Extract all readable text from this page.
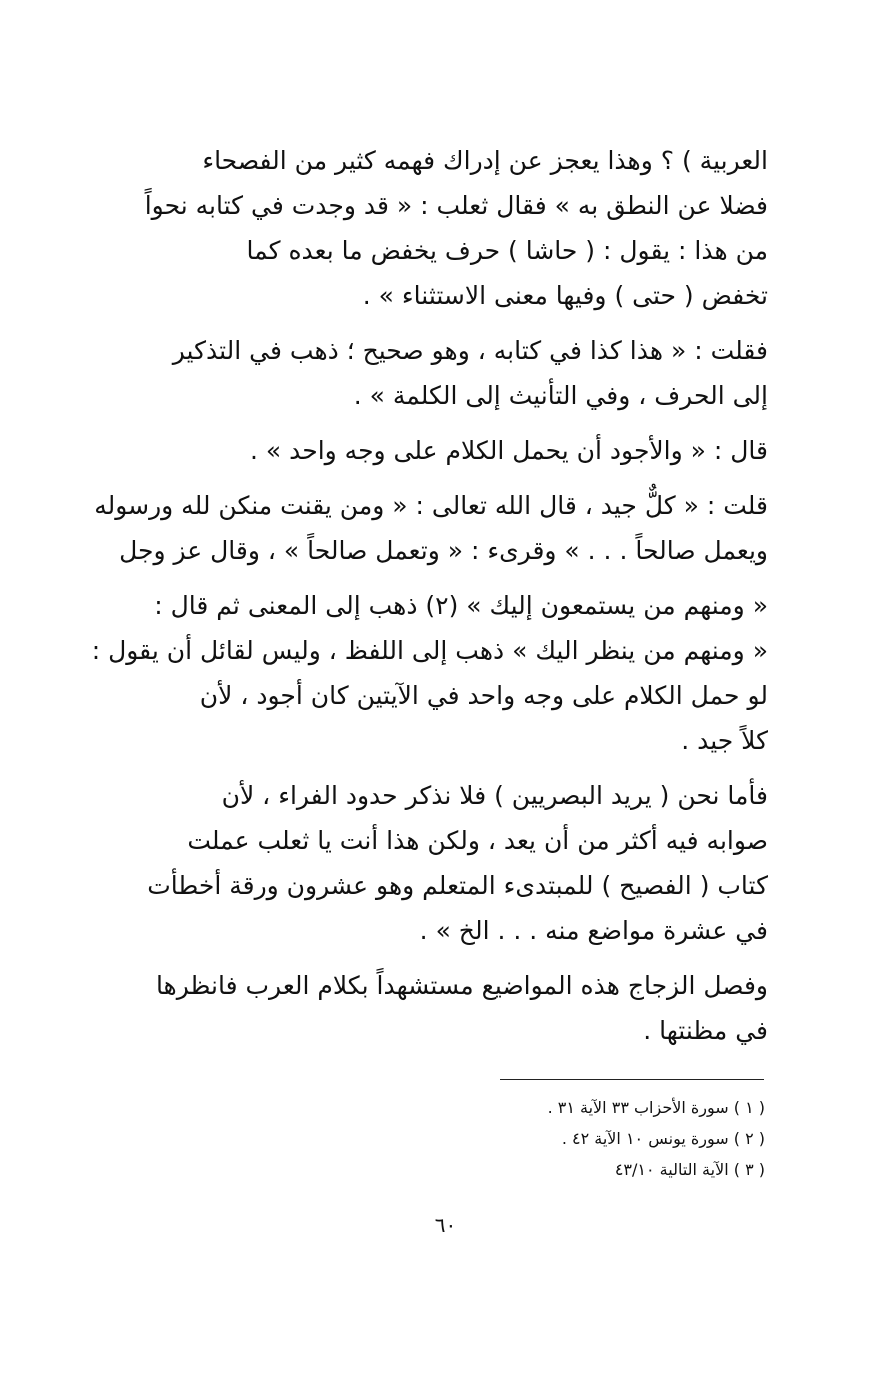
العربية ) ؟ وهذا يعجز عن إدراك فهمه كثير من الفصحاء
فضلا عن النطق به » فقال ثعلب : « قد وجدت في كتابه نحواً
من هذا : يقول : ( حاشا ) حرف يخفض ما بعده كما
تخفض ( حتى ) وفيها معنى الاستثناء » .

فقلت : « هذا كذا في كتابه ، وهو صحيح ؛ ذهب في التذكير
إلى الحرف ، وفي التأنيث إلى الكلمة » .

قال : « والأجود أن يحمل الكلام على وجه واحد » .

قلت : « كلٌّ جيد ، قال الله تعالى : « ومن يقنت منكن لله ورسوله
ويعمل صالحاً . . . » وقرىء : « وتعمل صالحاً » ، وقال عز وجل

« ومنهم من يستمعون إليك » (٢) ذهب إلى المعنى ثم قال :
« ومنهم من ينظر اليك » ذهب إلى اللفظ ، وليس لقائل أن يقول :
لو حمل الكلام على وجه واحد في الآيتين كان أجود ، لأن
كلاً جيد .

فأما نحن ( يريد البصريين ) فلا نذكر حدود الفراء ، لأن
صوابه فيه أكثر من أن يعد ، ولكن هذا أنت يا ثعلب عملت
كتاب ( الفصيح ) للمبتدىء المتعلم وهو عشرون ورقة أخطأت
في عشرة مواضع منه . . . الخ » .

وفصل الزجاج هذه المواضيع مستشهداً بكلام العرب فانظرها
في مظنتها .

( ١ ) سورة الأحزاب ٣٣ الآية ٣١ .
( ٢ ) سورة يونس ١٠ الآية ٤٢ .
( ٣ ) الآية التالية ٤٣/١٠
٦٠
